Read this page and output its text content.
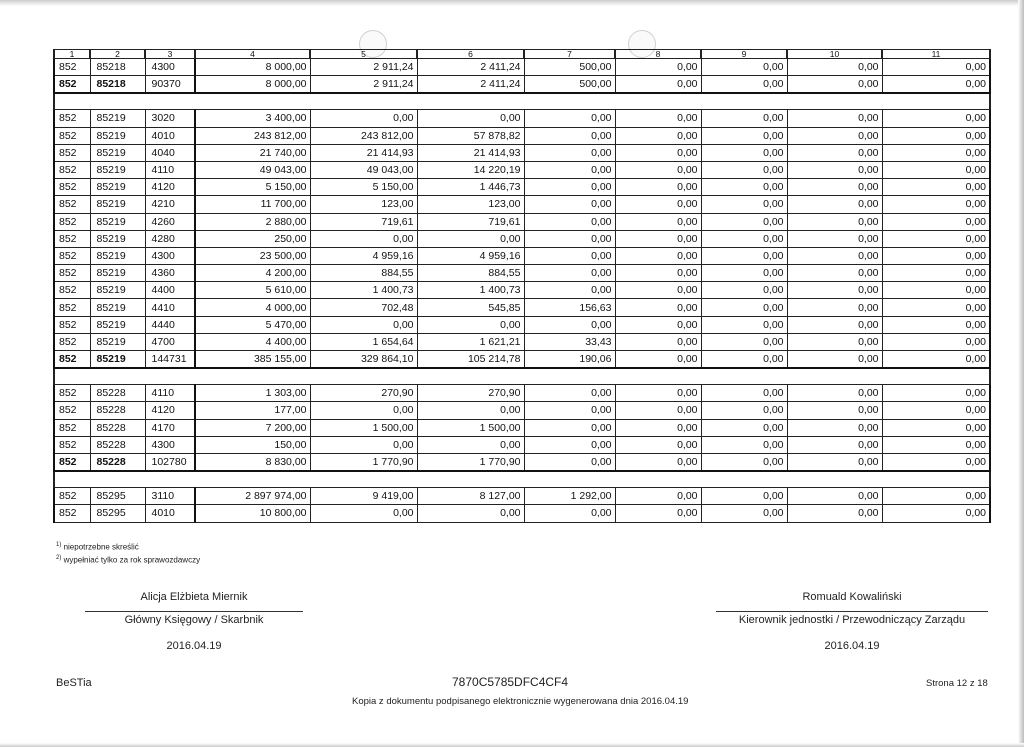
1	2	3	4	5	6	7	8	9	10	11
852	85218	4300	8 000,00	2 911,24	2 411,24	500,00	0,00	0,00	0,00	0,00
852	85218	90370	8 000,00	2 911,24	2 411,24	500,00	0,00	0,00	0,00	0,00

852	85219	3020	3 400,00	0,00	0,00	0,00	0,00	0,00	0,00	0,00
852	85219	4010	243 812,00	243 812,00	57 878,82	0,00	0,00	0,00	0,00	0,00
852	85219	4040	21 740,00	21 414,93	21 414,93	0,00	0,00	0,00	0,00	0,00
852	85219	4110	49 043,00	49 043,00	14 220,19	0,00	0,00	0,00	0,00	0,00
852	85219	4120	5 150,00	5 150,00	1 446,73	0,00	0,00	0,00	0,00	0,00
852	85219	4210	11 700,00	123,00	123,00	0,00	0,00	0,00	0,00	0,00
852	85219	4260	2 880,00	719,61	719,61	0,00	0,00	0,00	0,00	0,00
852	85219	4280	250,00	0,00	0,00	0,00	0,00	0,00	0,00	0,00
852	85219	4300	23 500,00	4 959,16	4 959,16	0,00	0,00	0,00	0,00	0,00
852	85219	4360	4 200,00	884,55	884,55	0,00	0,00	0,00	0,00	0,00
852	85219	4400	5 610,00	1 400,73	1 400,73	0,00	0,00	0,00	0,00	0,00
852	85219	4410	4 000,00	702,48	545,85	156,63	0,00	0,00	0,00	0,00
852	85219	4440	5 470,00	0,00	0,00	0,00	0,00	0,00	0,00	0,00
852	85219	4700	4 400,00	1 654,64	1 621,21	33,43	0,00	0,00	0,00	0,00
852	85219	144731	385 155,00	329 864,10	105 214,78	190,06	0,00	0,00	0,00	0,00

852	85228	4110	1 303,00	270,90	270,90	0,00	0,00	0,00	0,00	0,00
852	85228	4120	177,00	0,00	0,00	0,00	0,00	0,00	0,00	0,00
852	85228	4170	7 200,00	1 500,00	1 500,00	0,00	0,00	0,00	0,00	0,00
852	85228	4300	150,00	0,00	0,00	0,00	0,00	0,00	0,00	0,00
852	85228	102780	8 830,00	1 770,90	1 770,90	0,00	0,00	0,00	0,00	0,00

852	85295	3110	2 897 974,00	9 419,00	8 127,00	1 292,00	0,00	0,00	0,00	0,00
852	85295	4010	10 800,00	0,00	0,00	0,00	0,00	0,00	0,00	0,00
$^{1)}$ niepotrzebne skreślić
$^{2)}$ wypełniać tylko za rok sprawozdawczy
Alicja Elżbieta Miernik
Główny Księgowy / Skarbnik
2016.04.19
Romuald Kowaliński
Kierownik jednostki / Przewodniczący Zarządu
2016.04.19
BeSTia	7870C5785DFC4CF4
Kopia z dokumentu podpisanego elektronicznie wygenerowana dnia 2016.04.19
Strona 12 z 18
